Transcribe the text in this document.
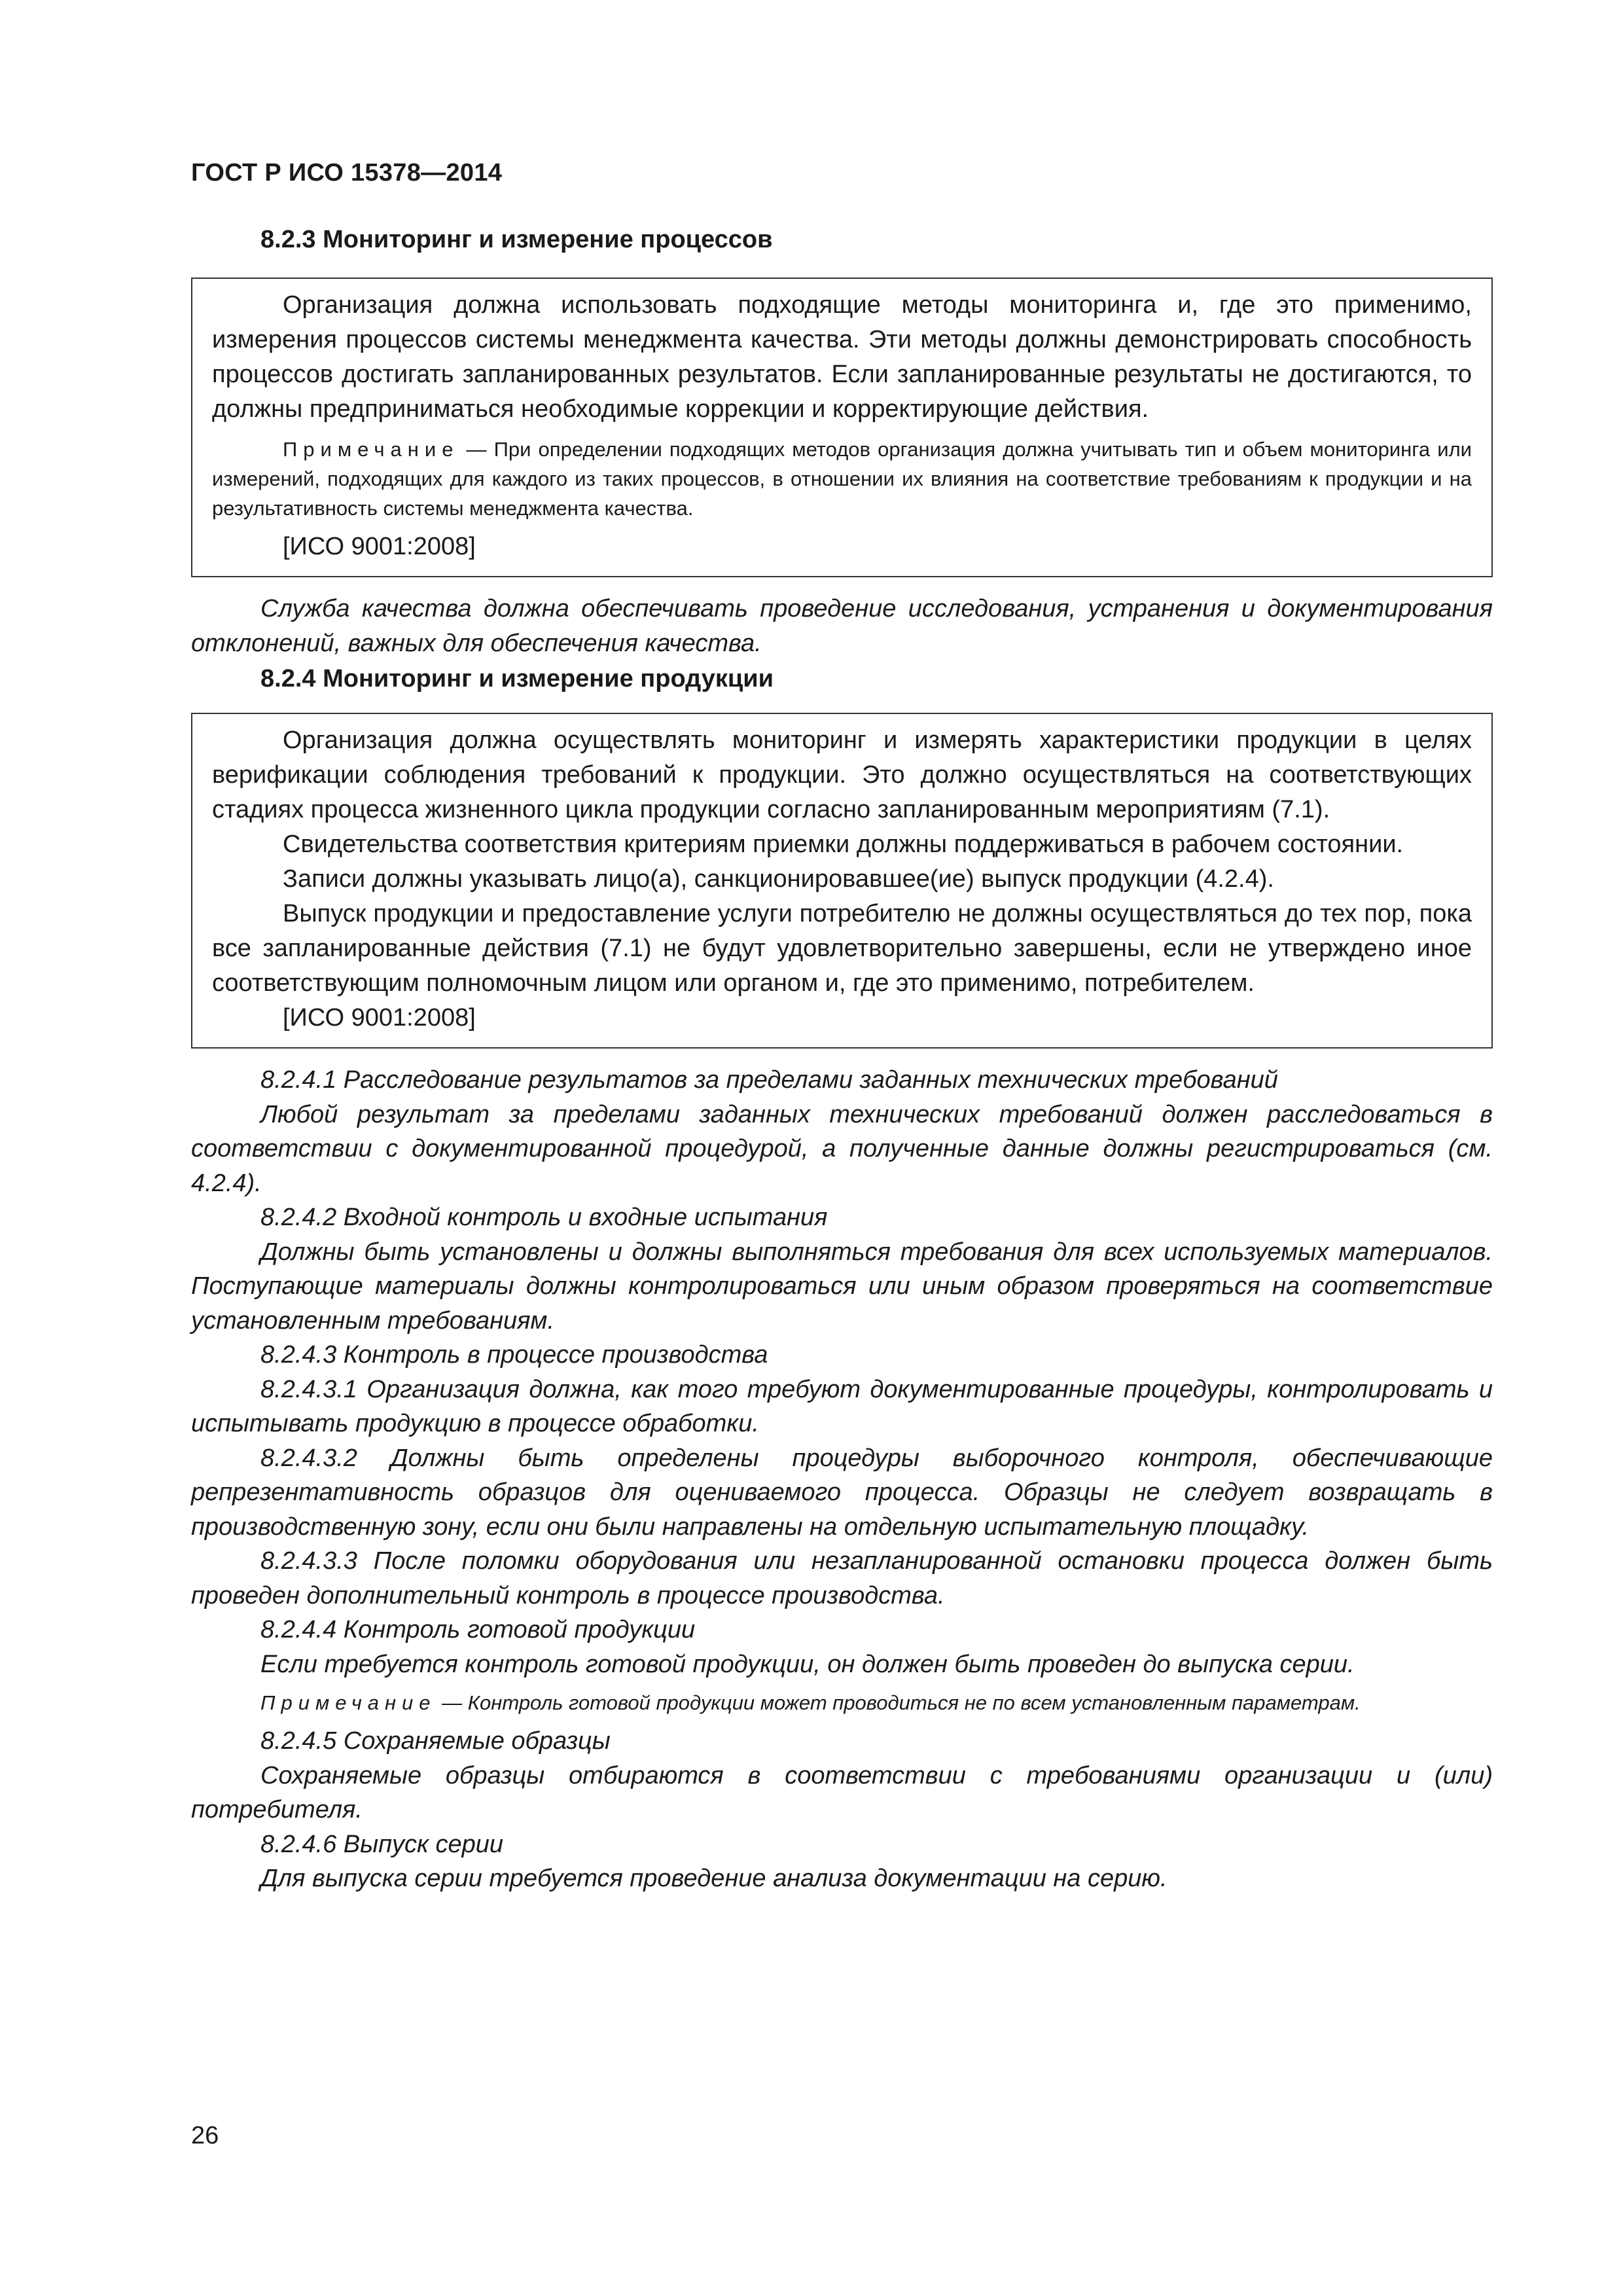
ГОСТ Р ИСО 15378—2014
8.2.3 Мониторинг и измерение процессов

Организация должна использовать подходящие методы мониторинга и, где это применимо, измерения процессов системы менеджмента качества. Эти методы должны демонстрировать способность процессов достигать запланированных результатов. Если запланированные результаты не достигаются, то должны предприниматься необходимые коррекции и корректирующие действия.

Примечание — При определении подходящих методов организация должна учитывать тип и объем мониторинга или измерений, подходящих для каждого из таких процессов, в отношении их влияния на соответствие требованиям к продукции и на результативность системы менеджмента качества.

[ИСО 9001:2008]

Служба качества должна обеспечивать проведение исследования, устранения и документирования отклонений, важных для обеспечения качества.

8.2.4 Мониторинг и измерение продукции

Организация должна осуществлять мониторинг и измерять характеристики продукции в целях верификации соблюдения требований к продукции. Это должно осуществляться на соответствующих стадиях процесса жизненного цикла продукции согласно запланированным мероприятиям (7.1).

Свидетельства соответствия критериям приемки должны поддерживаться в рабочем состоянии.

Записи должны указывать лицо(а), санкционировавшее(ие) выпуск продукции (4.2.4).

Выпуск продукции и предоставление услуги потребителю не должны осуществляться до тех пор, пока все запланированные действия (7.1) не будут удовлетворительно завершены, если не утверждено иное соответствующим полномочным лицом или органом и, где это применимо, потребителем.

[ИСО 9001:2008]

8.2.4.1 Расследование результатов за пределами заданных технических требований

Любой результат за пределами заданных технических требований должен расследоваться в соответствии с документированной процедурой, а полученные данные должны регистрироваться (см. 4.2.4).

8.2.4.2 Входной контроль и входные испытания

Должны быть установлены и должны выполняться требования для всех используемых материалов. Поступающие материалы должны контролироваться или иным образом проверяться на соответствие установленным требованиям.

8.2.4.3 Контроль в процессе производства

8.2.4.3.1 Организация должна, как того требуют документированные процедуры, контролировать и испытывать продукцию в процессе обработки.

8.2.4.3.2 Должны быть определены процедуры выборочного контроля, обеспечивающие репрезентативность образцов для оцениваемого процесса. Образцы не следует возвращать в производственную зону, если они были направлены на отдельную испытательную площадку.

8.2.4.3.3 После поломки оборудования или незапланированной остановки процесса должен быть проведен дополнительный контроль в процессе производства.

8.2.4.4 Контроль готовой продукции

Если требуется контроль готовой продукции, он должен быть проведен до выпуска серии.

Примечание — Контроль готовой продукции может проводиться не по всем установленным параметрам.

8.2.4.5 Сохраняемые образцы

Сохраняемые образцы отбираются в соответствии с требованиями организации и (или) потребителя.

8.2.4.6 Выпуск серии

Для выпуска серии требуется проведение анализа документации на серию.

26
